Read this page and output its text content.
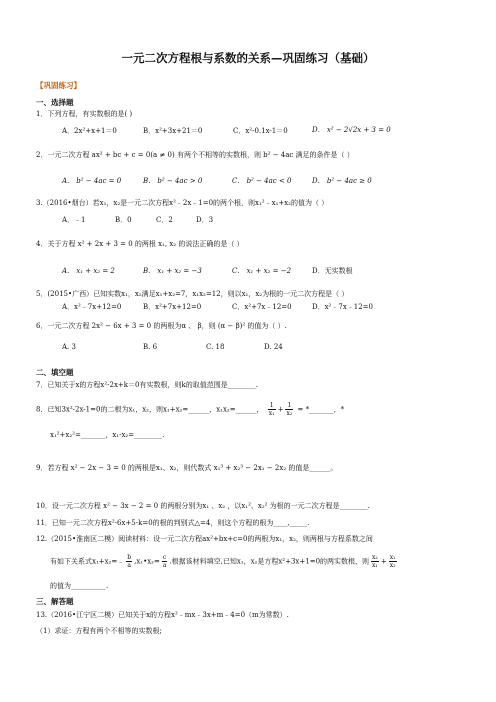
一元二次方程根与系数的关系—巩固练习（基础）
【巩固练习】
一、选择题
1．下列方程，有实数根的是( )
A．2x²+x+1＝0	B．x²+3x+21＝0	C．x²-0.1x-1＝0	D． x² − 2√2x + 3 = 0
2．一元二次方程 ax² + bc + c = 0(a ≠ 0) 有两个不相等的实数根，则 b² − 4ac 满足的条件是（ ）
A． b² − 4ac = 0	B． b² − 4ac > 0	C． b² − 4ac < 0	D． b² − 4ac ≥ 0
3.（2016•烟台）若x₁，x₂是一元二次方程x²﹣2x﹣1=0的两个根，则x₁²﹣x₁+x₂的值为（ ）
A．﹣1	B．0	C．2	D．3
4．关于方程 x² + 2x + 3 = 0 的两根 x₁, x₂ 的说法正确的是（ ）
A． x₁ + x₂ = 2	B． x₁ + x₂ = −3	C． x₁ + x₂ = −2	D．无实数根
5．(2015•广西）已知实数x₁，x₂满足x₁+x₂=7，x₁x₂=12，则以x₁，x₂为根的一元二次方程是（ ）
A．x²﹣7x+12=0	B．x²+7x+12=0	C．x²+7x﹣12=0	D．x²﹣7x﹣12=0
6．一元二次方程 2x² − 6x + 3 = 0 的两根为α 、 β，则 (α − β)² 的值为（ ）.
A. 3	B. 6	C. 18	D. 24
二、填空题
7．已知关于x的方程x²-2x+k＝0有实数根，则k的取值范围是________.
8．已知3x²-2x-1=0的二根为x₁，x₂，则x₁+x₂=______，x₁x₂=______， $\frac{1}{\text{x₁}} + \frac{1}{\text{x₂}}$ = *_______，*
x₁²+x₂²=_______，x₁-x₂=________.
9．若方程 x² − 2x − 3 = 0 的两根是x₁、x₂，则代数式 x₁³ + x₂³ − 2x₁ − 2x₂ 的值是______。
10．设一元二次方程 x² − 3x − 2 = 0 的两根分别为x₁ 、x₂ ，以x₁²、x₂² 为根的一元二次方程是________.
11．已知一元二次方程x²-6x+5-k=0的根的判别式△=4，则这个方程的根为____,_____.
12.（2015•淮南区二模）阅读材料：设一元二次方程ax²+bx+c=0的两根为x₁，x₂，则两根与方程系数之间
有如下关系式x₁+x₂=﹣ $\frac{b}{a}$ ,x₁•x₂= $\frac{c}{a}$ .根据该材料填空,已知x₁，x₂是方程x²+3x+1=0的两实数根，则 $\frac{\text{x₂}}{\text{x₁}} + \frac{\text{x₁}}{\text{x₂}}$
的值为__________.
三、解答题
13.（2016•江宁区二模）已知关于x的方程x²﹣mx﹣3x+m﹣4=0（m为常数）.
（1）求证：方程有两个不相等的实数根;
